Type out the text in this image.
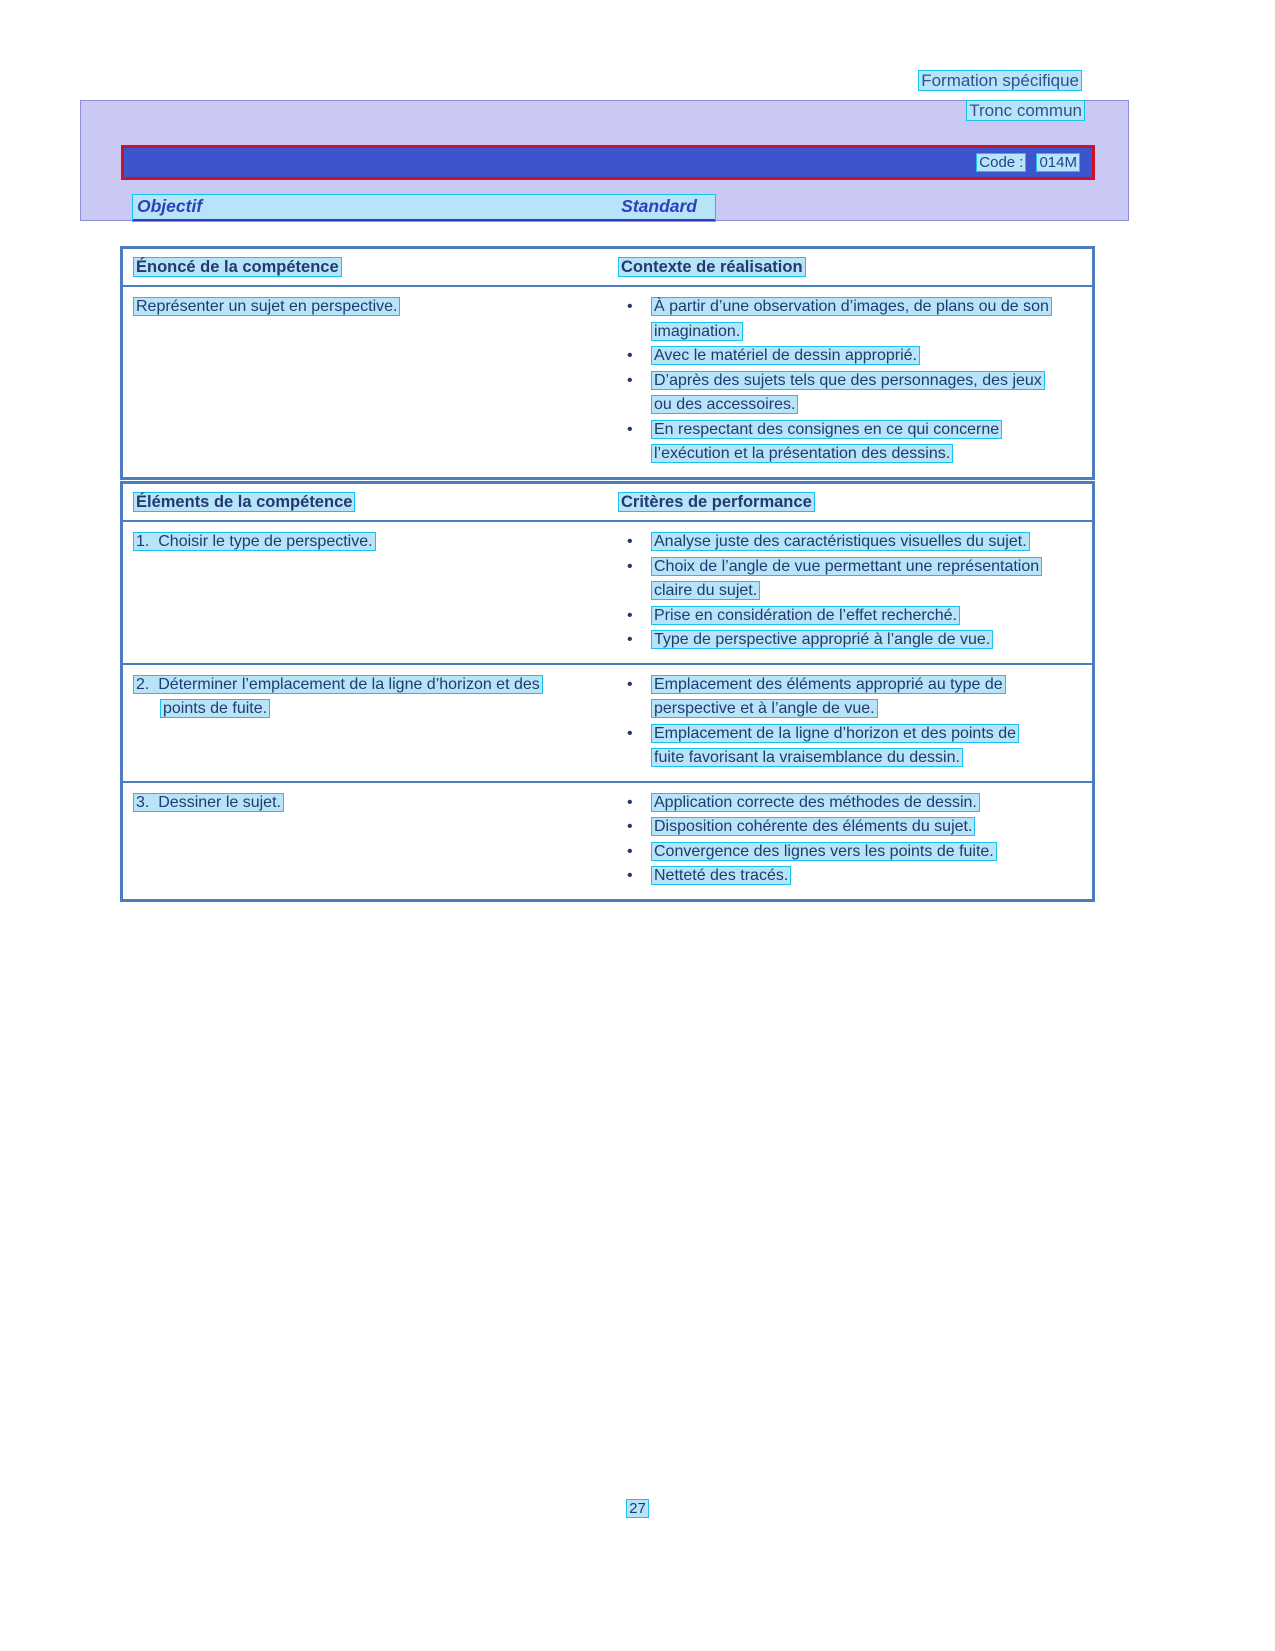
Formation spécifique
Tronc commun
Code : 014M
Objectif	Standard
Énoncé de la compétence	Contexte de réalisation
Représenter un sujet en perspective.	• À partir d’une observation d’images, de plans ou de son imagination.
• Avec le matériel de dessin approprié.
• D’après des sujets tels que des personnages, des jeux ou des accessoires.
• En respectant des consignes en ce qui concerne l’exécution et la présentation des dessins.
Éléments de la compétence	Critères de performance
1.  Choisir le type de perspective.	• Analyse juste des caractéristiques visuelles du sujet.
• Choix de l’angle de vue permettant une représentation claire du sujet.
• Prise en considération de l’effet recherché.
• Type de perspective approprié à l’angle de vue.
2.  Déterminer l’emplacement de la ligne d’horizon et des points de fuite.
• Emplacement des éléments approprié au type de perspective et à l’angle de vue.
• Emplacement de la ligne d’horizon et des points de fuite favorisant la vraisemblance du dessin.
3.  Dessiner le sujet.	• Application correcte des méthodes de dessin.
• Disposition cohérente des éléments du sujet.
• Convergence des lignes vers les points de fuite.
• Netteté des tracés.
27
